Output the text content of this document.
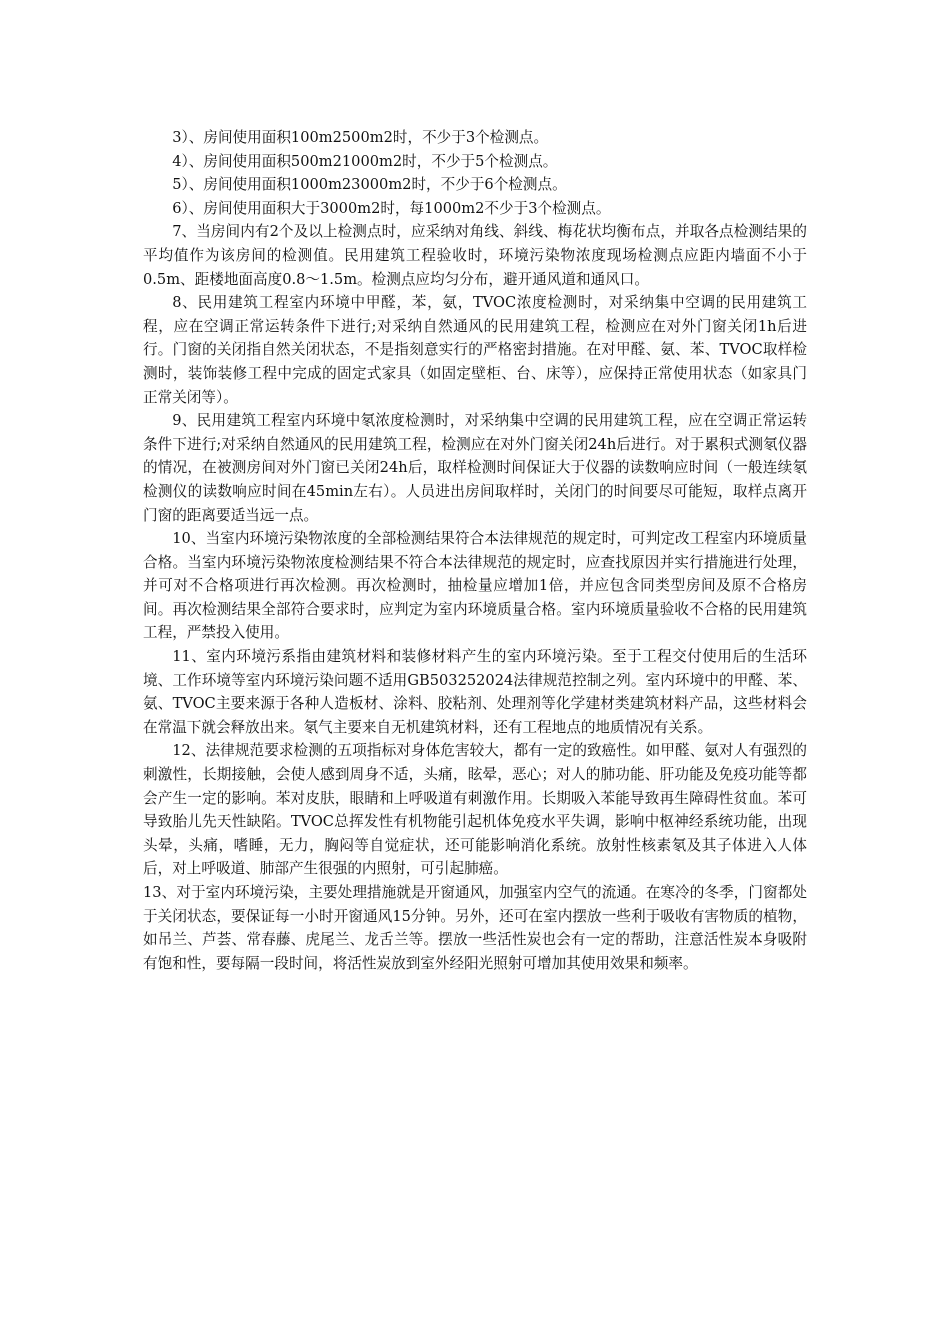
3）、房间使用面积100m2500m2时，不少于3个检测点。

4）、房间使用面积500m21000m2时，不少于5个检测点。

5）、房间使用面积1000m23000m2时，不少于6个检测点。

6）、房间使用面积大于3000m2时，每1000m2不少于3个检测点。

7、当房间内有2个及以上检测点时，应采纳对角线、斜线、梅花状均衡布点，并取各点检测结果的平均值作为该房间的检测值。民用建筑工程验收时，环境污染物浓度现场检测点应距内墙面不小于0.5m、距楼地面高度0.8～1.5m。检测点应均匀分布，避开通风道和通风口。

8、民用建筑工程室内环境中甲醛，苯，氨，TVOC浓度检测时，对采纳集中空调的民用建筑工程，应在空调正常运转条件下进行;对采纳自然通风的民用建筑工程，检测应在对外门窗关闭1h后进行。门窗的关闭指自然关闭状态，不是指刻意实行的严格密封措施。在对甲醛、氨、苯、TVOC取样检测时，装饰装修工程中完成的固定式家具（如固定壁柜、台、床等），应保持正常使用状态（如家具门正常关闭等）。

9、民用建筑工程室内环境中氡浓度检测时，对采纳集中空调的民用建筑工程，应在空调正常运转条件下进行;对采纳自然通风的民用建筑工程，检测应在对外门窗关闭24h后进行。对于累积式测氡仪器的情况，在被测房间对外门窗已关闭24h后，取样检测时间保证大于仪器的读数响应时间（一般连续氡检测仪的读数响应时间在45min左右）。人员进出房间取样时，关闭门的时间要尽可能短，取样点离开门窗的距离要适当远一点。

10、当室内环境污染物浓度的全部检测结果符合本法律规范的规定时，可判定改工程室内环境质量合格。当室内环境污染物浓度检测结果不符合本法律规范的规定时，应查找原因并实行措施进行处理，并可对不合格项进行再次检测。再次检测时，抽检量应增加1倍，并应包含同类型房间及原不合格房间。再次检测结果全部符合要求时，应判定为室内环境质量合格。室内环境质量验收不合格的民用建筑工程，严禁投入使用。

11、室内环境污系指由建筑材料和装修材料产生的室内环境污染。至于工程交付使用后的生活环境、工作环境等室内环境污染问题不适用GB503252024法律规范控制之列。室内环境中的甲醛、苯、氨、TVOC主要来源于各种人造板材、涂料、胶粘剂、处理剂等化学建材类建筑材料产品，这些材料会在常温下就会释放出来。氡气主要来自无机建筑材料，还有工程地点的地质情况有关系。

12、法律规范要求检测的五项指标对身体危害较大，都有一定的致癌性。如甲醛、氨对人有强烈的刺激性，长期接触，会使人感到周身不适，头痛，眩晕，恶心；对人的肺功能、肝功能及免疫功能等都会产生一定的影响。苯对皮肤，眼睛和上呼吸道有刺激作用。长期吸入苯能导致再生障碍性贫血。苯可导致胎儿先天性缺陷。TVOC总挥发性有机物能引起机体免疫水平失调，影响中枢神经系统功能，出现头晕，头痛，嗜睡，无力，胸闷等自觉症状，还可能影响消化系统。放射性核素氡及其子体进入人体后，对上呼吸道、肺部产生很强的内照射，可引起肺癌。

13、对于室内环境污染，主要处理措施就是开窗通风，加强室内空气的流通。在寒冷的冬季，门窗都处于关闭状态，要保证每一小时开窗通风15分钟。另外，还可在室内摆放一些利于吸收有害物质的植物，如吊兰、芦荟、常春藤、虎尾兰、龙舌兰等。摆放一些活性炭也会有一定的帮助，注意活性炭本身吸附有饱和性，要每隔一段时间，将活性炭放到室外经阳光照射可增加其使用效果和频率。
